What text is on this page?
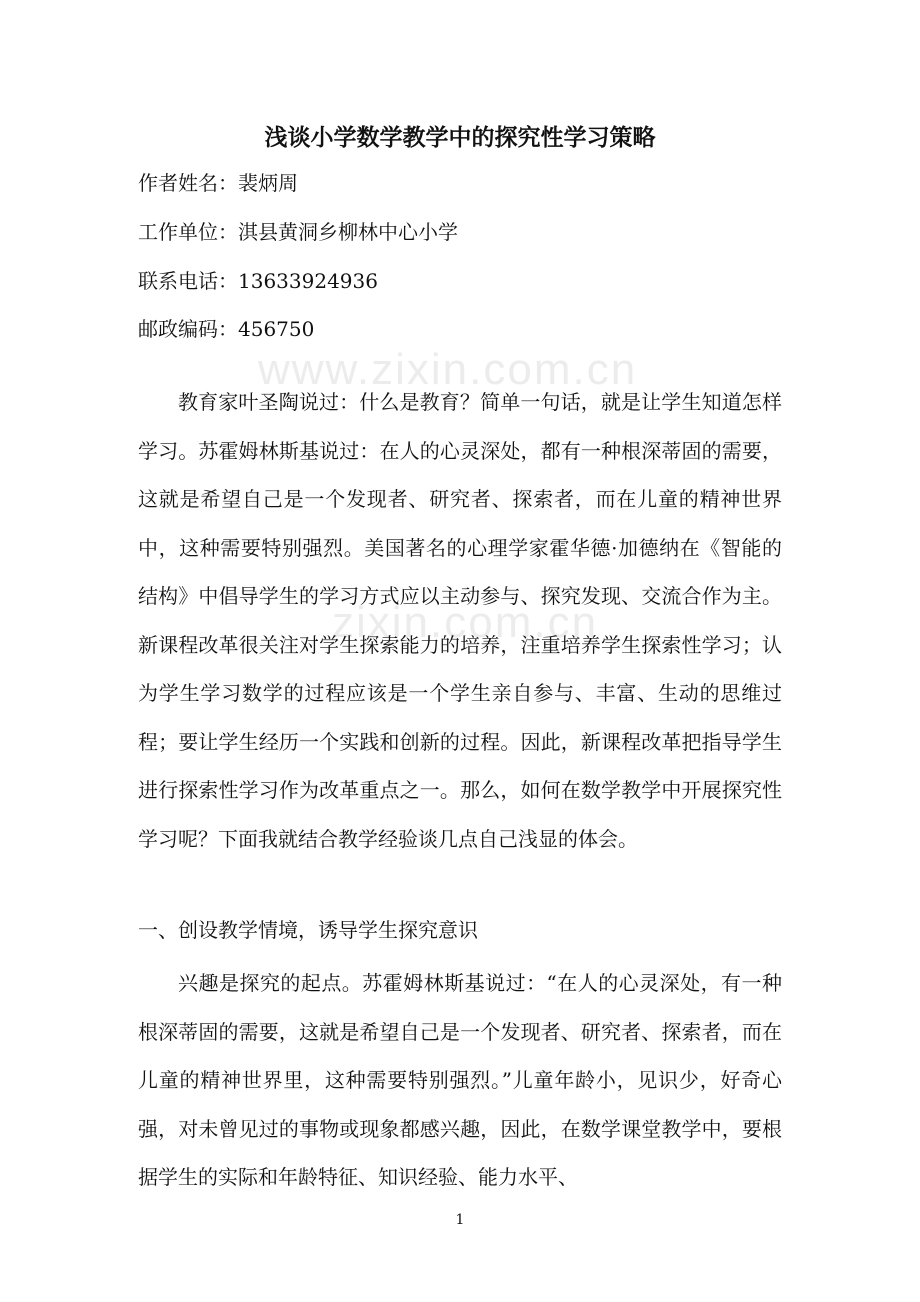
www.zixin.com.cn
zixin.com.cn
浅谈小学数学教学中的探究性学习策略
作者姓名：裴炳周
工作单位：淇县黄洞乡柳林中心小学
联系电话：13633924936
邮政编码：456750

教育家叶圣陶说过：什么是教育？简单一句话，就是让学生知道怎样学习。苏霍姆林斯基说过：在人的心灵深处，都有一种根深蒂固的需要，这就是希望自己是一个发现者、研究者、探索者，而在儿童的精神世界中，这种需要特别强烈。美国著名的心理学家霍华德·加德纳在《智能的结构》中倡导学生的学习方式应以主动参与、探究发现、交流合作为主。新课程改革很关注对学生探索能力的培养，注重培养学生探索性学习；认为学生学习数学的过程应该是一个学生亲自参与、丰富、生动的思维过程；要让学生经历一个实践和创新的过程。因此，新课程改革把指导学生进行探索性学习作为改革重点之一。那么，如何在数学教学中开展探究性学习呢？下面我就结合教学经验谈几点自己浅显的体会。

一、创设教学情境，诱导学生探究意识

兴趣是探究的起点。苏霍姆林斯基说过：“在人的心灵深处，有一种根深蒂固的需要，这就是希望自己是一个发现者、研究者、探索者，而在儿童的精神世界里，这种需要特别强烈。”儿童年龄小，见识少，好奇心强，对未曾见过的事物或现象都感兴趣，因此，在数学课堂教学中，要根据学生的实际和年龄特征、知识经验、能力水平、

1
